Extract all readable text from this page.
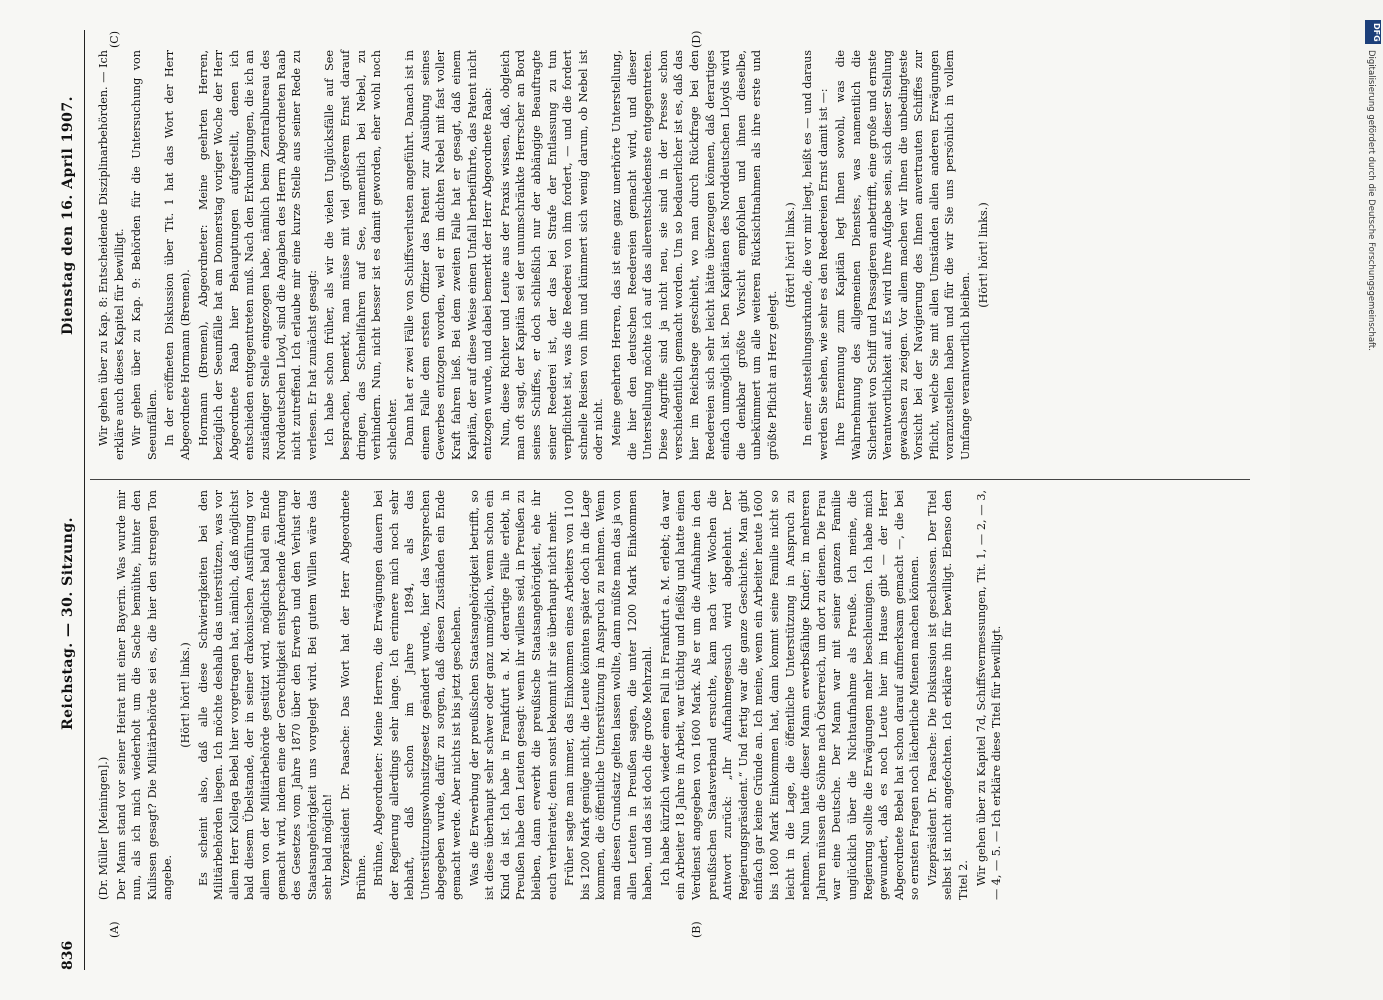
836
Reichstag. — 30. Sitzung.
Dienstag den 16. April 1907.
(A)	(B)
(C)	(D)

(Dr. Müller [Meiningen].) Der Mann stand vor seiner Heirat mit einer Bayerin. Was wurde mir nun, als ich mich wiederholt um die Sache bemühte, hinter den Kulissen gesagt? Die Militärbehörde sei es, die hier den strengen Ton angebe.

(Hört! hört! links.) Es scheint also, daß alle diese Schwierigkeiten bei den Militärbehörden liegen. Ich möchte deshalb das unterstützen, was vor allem Herr Kollega Bebel hier vorgetragen hat, nämlich, daß möglichst bald diesem Übelstande, der in seiner drakonischen Ausführung vor allem von der Militärbehörde gestützt wird, möglichst bald ein Ende gemacht wird, indem eine der Gerechtigkeit entsprechende Änderung des Gesetzes vom Jahre 1870 über den Erwerb und den Verlust der Staatsangehörigkeit uns vorgelegt wird. Bei gutem Willen wäre das sehr bald möglich! Vizepräsident Dr. Paasche: Das Wort hat der Herr Abgeordnete Brühne. Brühne, Abgeordneter: Meine Herren, die Erwägungen dauern bei der Regierung allerdings sehr lange. Ich erinnere mich noch sehr lebhaft, daß schon im Jahre 1894, als das Unterstützungswohnsitzgesetz geändert wurde, hier das Versprechen abgegeben wurde, dafür zu sorgen, daß diesen Zuständen ein Ende gemacht werde. Aber nichts ist bis jetzt geschehen. Was die Erwerbung der preußischen Staatsangehörigkeit betrifft, so ist diese überhaupt sehr schwer oder ganz unmöglich, wenn schon ein Kind da ist. Ich habe in Frankfurt a. M. derartige Fälle erlebt, in Preußen habe den Leuten gesagt: wenn ihr willens seid, in Preußen zu bleiben, dann erwerbt die preußische Staatsangehörigkeit, ehe ihr euch verheiratet; denn sonst bekommt ihr sie überhaupt nicht mehr. Früher sagte man immer, das Einkommen eines Arbeiters von 1100 bis 1200 Mark genüge nicht, die Leute könnten später doch in die Lage kommen, die öffentliche Unterstützung in Anspruch zu nehmen. Wenn man diesen Grundsatz gelten lassen wollte, dann müßte man das ja von allen Leuten in Preußen sagen, die unter 1200 Mark Einkommen haben, und das ist doch die große Mehrzahl. Ich habe kürzlich wieder einen Fall in Frankfurt a. M. erlebt; da war ein Arbeiter 18 Jahre in Arbeit, war tüchtig und fleißig und hatte einen Verdienst angegeben von 1600 Mark. Als er um die Aufnahme in den preußischen Staatsverband ersuchte, kam nach vier Wochen die Antwort zurück: „Ihr Aufnahmegesuch wird abgelehnt. Der Regierungspräsident.“ Und fertig war die ganze Geschichte. Man gibt einfach gar keine Gründe an. Ich meine, wenn ein Arbeiter heute 1600 bis 1800 Mark Einkommen hat, dann kommt seine Familie nicht so leicht in die Lage, die öffentliche Unterstützung in Anspruch zu nehmen. Nun hatte dieser Mann erwerbsfähige Kinder; in mehreren Jahren müssen die Söhne nach Österreich, um dort zu dienen. Die Frau war eine Deutsche. Der Mann war mit seiner ganzen Familie unglücklich über die Nichtaufnahme als Preuße. Ich meine, die Regierung sollte die Erwägungen mehr beschleunigen. Ich habe mich gewundert, daß es noch Leute hier im Hause gibt — der Herr Abgeordnete Bebel hat schon darauf aufmerksam gemacht —, die bei so ernsten Fragen noch lächerliche Mienen machen können. Vizepräsident Dr. Paasche: Die Diskussion ist geschlossen. Der Titel selbst ist nicht angefochten. Ich erkläre ihn für bewilligt. Ebenso den Titel 2. Wir gehen über zu Kapitel 7d, Schiffsvermessungen, Tit. 1, — 2, — 3, — 4, — 5. — Ich erkläre diese Titel für bewilligt.

Wir gehen über zu Kap. 8: Entscheidende Disziplinarbehörden. — Ich erkläre auch dieses Kapitel für bewilligt. Wir gehen über zu Kap. 9: Behörden für die Untersuchung von Seeunfällen. In der eröffneten Diskussion über Tit. 1 hat das Wort der Herr Abgeordnete Hormann (Bremen). Hormann (Bremen), Abgeordneter: Meine geehrten Herren, bezüglich der Seeunfälle hat am Donnerstag voriger Woche der Herr Abgeordnete Raab hier Behauptungen aufgestellt, denen ich entschieden entgegentreten muß. Nach den Erkundigungen, die ich an zuständiger Stelle eingezogen habe, nämlich beim Zentralbureau des Norddeutschen Lloyd, sind die Angaben des Herrn Abgeordneten Raab nicht zutreffend. Ich erlaube mir eine kurze Stelle aus seiner Rede zu verlesen. Er hat zunächst gesagt: Ich habe schon früher, als wir die vielen Unglücksfälle auf See besprachen, bemerkt, man müsse mit viel größerem Ernst darauf dringen, das Schnellfahren auf See, namentlich bei Nebel, zu verhindern. Nun, nicht besser ist es damit geworden, eher wohl noch schlechter. Dann hat er zwei Fälle von Schiffsverlusten angeführt. Danach ist in einem Falle dem ersten Offizier das Patent zur Ausübung seines Gewerbes entzogen worden, weil er im dichten Nebel mit fast voller Kraft fahren ließ. Bei dem zweiten Falle hat er gesagt, daß einem Kapitän, der auf diese Weise einen Unfall herbeiführte, das Patent nicht entzogen wurde, und dabei bemerkt der Herr Abgeordnete Raab: Nun, diese Richter und Leute aus der Praxis wissen, daß, obgleich man oft sagt, der Kapitän sei der unumschränkte Herrscher an Bord seines Schiffes, er doch schließlich nur der abhängige Beauftragte seiner Reederei ist, der das bei Strafe der Entlassung zu tun verpflichtet ist, was die Reederei von ihm fordert, — und die fordert schnelle Reisen von ihm und kümmert sich wenig darum, ob Nebel ist oder nicht. Meine geehrten Herren, das ist eine ganz unerhörte Unterstellung, die hier den deutschen Reedereien gemacht wird, und dieser Unterstellung möchte ich auf das allerentschiedenste entgegentreten. Diese Angriffe sind ja nicht neu, sie sind in der Presse schon verschiedentlich gemacht worden. Um so bedauerlicher ist es, daß das hier im Reichstage geschieht, wo man durch Rückfrage bei den Reedereien sich sehr leicht hätte überzeugen können, daß derartiges einfach unmöglich ist. Den Kapitänen des Norddeutschen Lloyds wird die denkbar größte Vorsicht empfohlen und ihnen dieselbe, unbekümmert um alle weiteren Rücksichtnahmen als ihre erste und größte Pflicht an Herz gelegt.

(Hört! hört! links.) In einer Anstellungsurkunde, die vor mir liegt, heißt es — und daraus werden Sie sehen, wie sehr es den Reedereien Ernst damit ist —: Ihre Ernennung zum Kapitän legt Ihnen sowohl, was die Wahrnehmung des allgemeinen Dienstes, was namentlich die Sicherheit von Schiff und Passagieren anbetrifft, eine große und ernste Verantwortlichkeit auf. Es wird Ihre Aufgabe sein, sich dieser Stellung gewachsen zu zeigen. Vor allem machen wir Ihnen die unbedingteste Vorsicht bei der Navigierung des Ihnen anvertrauten Schiffes zur Pflicht, welche Sie mit allen Umständen allen anderen Erwägungen voranzustellen haben und für die wir Sie uns persönlich in vollem Umfange verantwortlich bleiben.

(Hört! hört! links.)

DFG
Digitalisierung gefördert durch die Deutsche Forschungsgemeinschaft.
